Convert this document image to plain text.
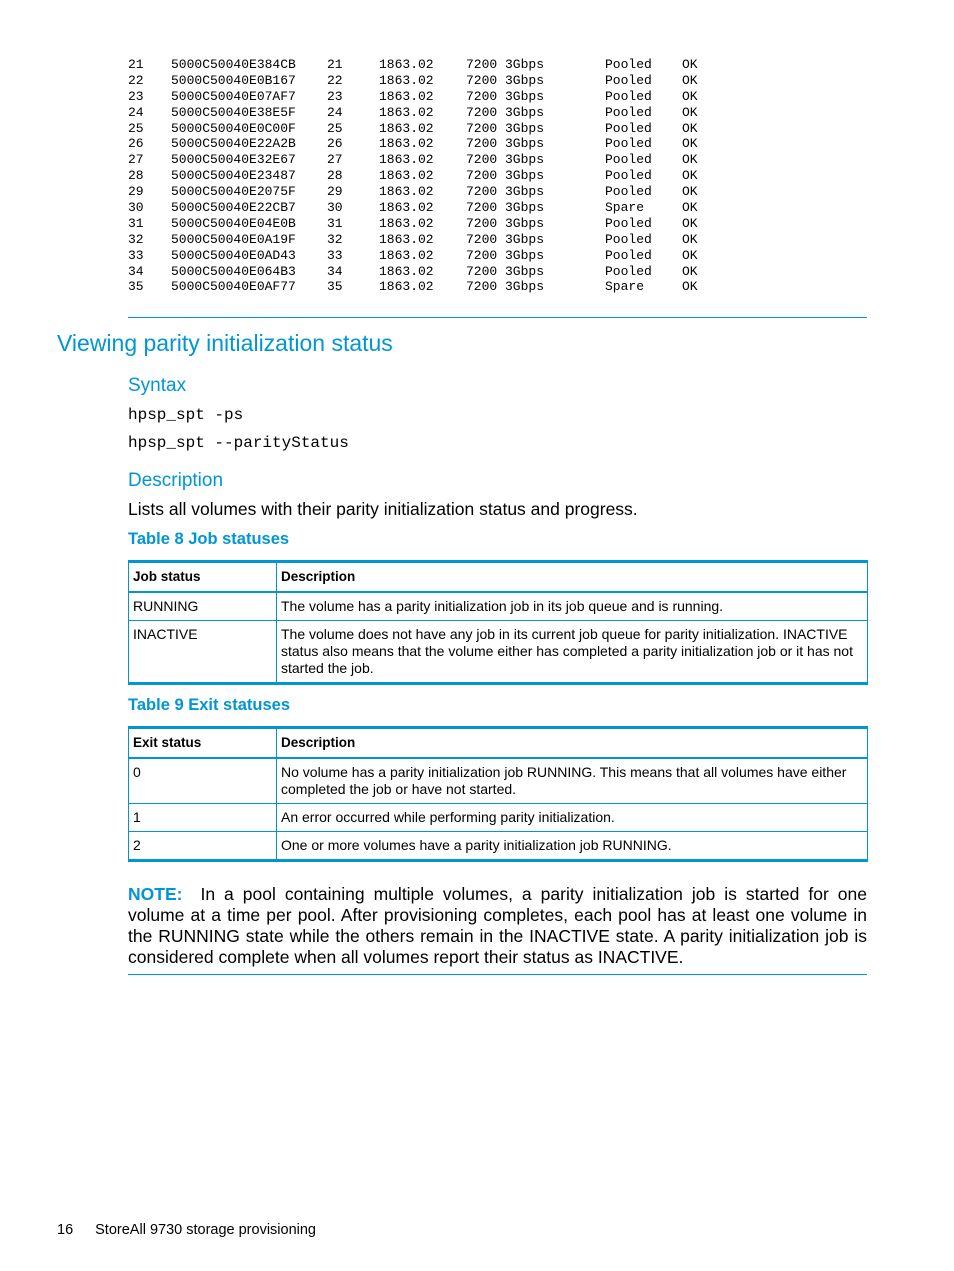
21 5000C50040E384CB 21	1863.02 7200 3Gbps	Pooled OK
22 5000C50040E0B167 22	1863.02 7200 3Gbps	Pooled OK
23 5000C50040E07AF7 23	1863.02 7200 3Gbps	Pooled OK
24 5000C50040E38E5F 24	1863.02 7200 3Gbps	Pooled OK
25 5000C50040E0C00F 25	1863.02 7200 3Gbps	Pooled OK
26 5000C50040E22A2B 26	1863.02 7200 3Gbps	Pooled OK
27 5000C50040E32E67 27	1863.02 7200 3Gbps	Pooled OK
28 5000C50040E23487 28	1863.02 7200 3Gbps	Pooled OK
29 5000C50040E2075F 29	1863.02 7200 3Gbps	Pooled OK
30 5000C50040E22CB7 30	1863.02 7200 3Gbps	Spare	OK
31 5000C50040E04E0B 31	1863.02 7200 3Gbps	Pooled OK
32 5000C50040E0A19F 32	1863.02 7200 3Gbps	Pooled OK
33 5000C50040E0AD43 33	1863.02 7200 3Gbps	Pooled OK
34 5000C50040E064B3 34	1863.02 7200 3Gbps	Pooled OK
35 5000C50040E0AF77 35	1863.02 7200 3Gbps	Spare	OK
Viewing parity initialization status
Syntax
hpsp_spt -ps
hpsp_spt --parityStatus
Description

Lists all volumes with their parity initialization status and progress.

Table 8 Job statuses

Job status	Description
RUNNING	The volume has a parity initialization job in its job queue and is running.
INACTIVE	The volume does not have any job in its current job queue for parity initialization. INACTIVE status also means that the volume either has completed a parity initialization job or it has not started the job.

Table 9 Exit statuses

Exit status	Description
0	No volume has a parity initialization job RUNNING. This means that all volumes have either completed the job or have not started.
1	An error occurred while performing parity initialization.
2	One or more volumes have a parity initialization job RUNNING.

NOTE: In a pool containing multiple volumes, a parity initialization job is started for one volume at a time per pool. After provisioning completes, each pool has at least one volume in the RUNNING state while the others remain in the INACTIVE state. A parity initialization job is considered complete when all volumes report their status as INACTIVE.

16 StoreAll 9730 storage provisioning
